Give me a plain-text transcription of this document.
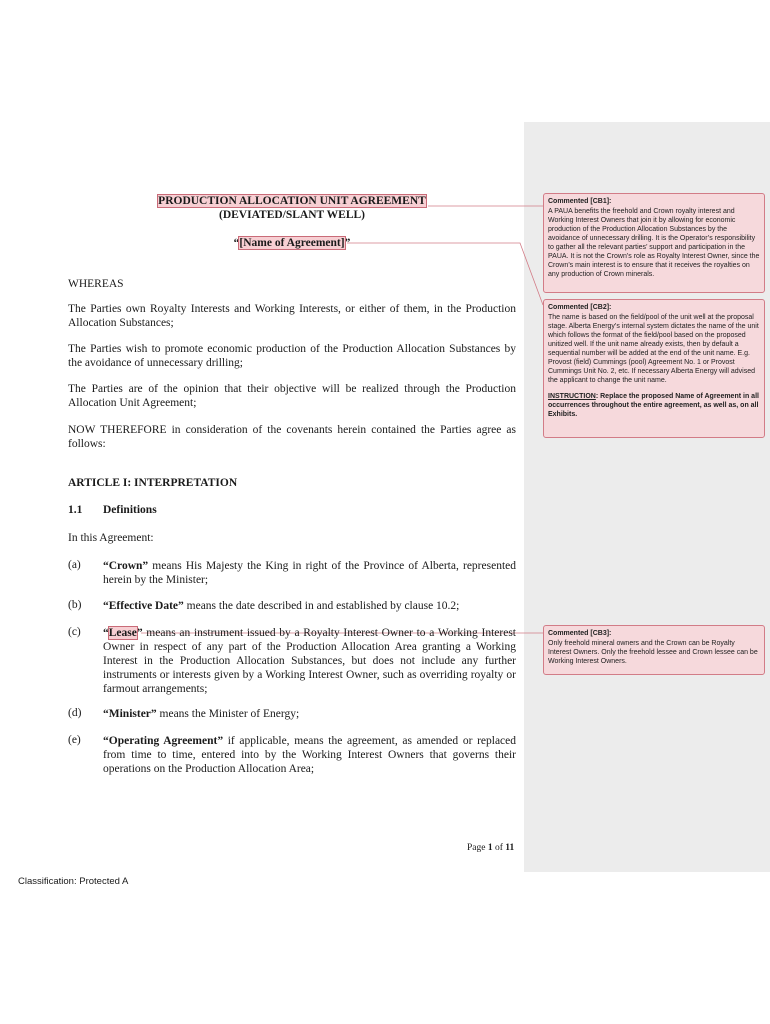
PRODUCTION ALLOCATION UNIT AGREEMENT
(DEVIATED/SLANT WELL)
“[Name of Agreement]”
WHEREAS
The Parties own Royalty Interests and Working Interests, or either of them, in the Production Allocation Substances;
The Parties wish to promote economic production of the Production Allocation Substances by the avoidance of unnecessary drilling;
The Parties are of the opinion that their objective will be realized through the Production Allocation Unit Agreement;
NOW THEREFORE in consideration of the covenants herein contained the Parties agree as follows:
ARTICLE I: INTERPRETATION
1.1 Definitions
In this Agreement:
(a) “Crown” means His Majesty the King in right of the Province of Alberta, represented herein by the Minister;
(b) “Effective Date” means the date described in and established by clause 10.2;
(c) “Lease” means an instrument issued by a Royalty Interest Owner to a Working Interest Owner in respect of any part of the Production Allocation Area granting a Working Interest in the Production Allocation Substances, but does not include any further instruments or interests given by a Working Interest Owner, such as overriding royalty or farmout arrangements;
(d) “Minister” means the Minister of Energy;
(e) “Operating Agreement” if applicable, means the agreement, as amended or replaced from time to time, entered into by the Working Interest Owners that governs their operations on the Production Allocation Area;
Page 1 of 11
Classification: Protected A
Commented [CB1]:
A PAUA benefits the freehold and Crown royalty interest and Working Interest Owners that join it by allowing for economic production of the Production Allocation Substances by the avoidance of unnecessary drilling. It is the Operator’s responsibility to gather all the relevant parties’ support and participation in the PAUA. It is not the Crown’s role as Royalty Interest Owner, since the Crown’s main interest is to ensure that it receives the royalties on any production of Crown minerals.
Commented [CB2]:
The name is based on the field/pool of the unit well at the proposal stage. Alberta Energy’s internal system dictates the name of the unit which follows the format of the field/pool based on the proposed unitized well. If the unit name already exists, then by default a sequential number will be added at the end of the unit name. E.g. Provost (field) Cummings (pool) Agreement No. 1 or Provost Cummings Unit No. 2, etc. If necessary Alberta Energy will advised the applicant to change the unit name.
INSTRUCTION: Replace the proposed Name of Agreement in all occurrences throughout the entire agreement, as well as, on all Exhibits.
Commented [CB3]:
Only freehold mineral owners and the Crown can be Royalty Interest Owners. Only the freehold lessee and Crown lessee can be Working Interest Owners.
